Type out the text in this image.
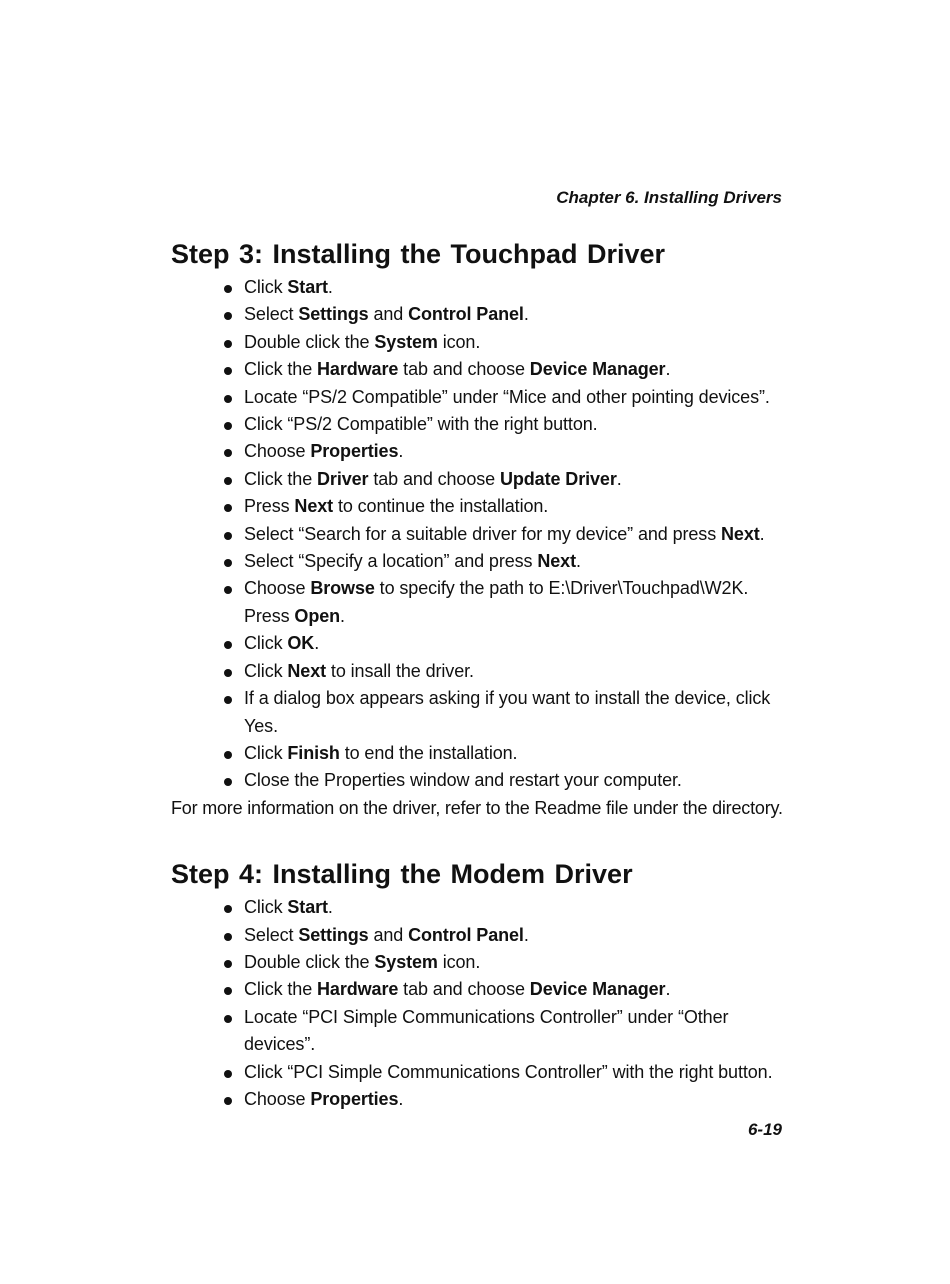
Chapter 6. Installing Drivers

Step 3: Installing the Touchpad Driver
Click Start.
Select Settings and Control Panel.
Double click the System icon.
Click the Hardware tab and choose Device Manager.
Locate “PS/2 Compatible” under “Mice and other pointing devices”.
Click “PS/2 Compatible” with the right button.
Choose Properties.
Click the Driver tab and choose Update Driver.
Press Next to continue the installation.
Select “Search for a suitable driver for my device” and press Next.
Select “Specify a location” and press Next.
Choose Browse to specify the path to E:\Driver\Touchpad\W2K. Press Open.
Click OK.
Click Next to insall the driver.
If a dialog box appears asking if you want to install the device, click Yes.
Click Finish to end the installation.
Close the Properties window and restart your computer.

For more information on the driver, refer to the Readme file under the directory.

Step 4: Installing the Modem Driver
Click Start.
Select Settings and Control Panel.
Double click the System icon.
Click the Hardware tab and choose Device Manager.
Locate “PCI Simple Communications Controller” under “Other devices”.
Click “PCI Simple Communications Controller” with the right button.
Choose Properties.

6-19
